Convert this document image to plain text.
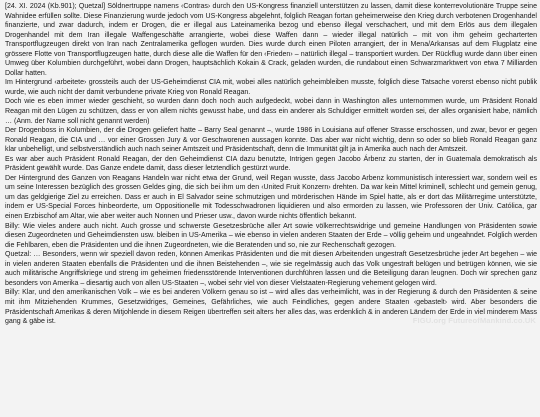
[24. XI. 2024 (Kb.901); Quetzal] Söldnertruppe namens ‹Contras› durch den US-Kongress finanziell unterstützen zu lassen, damit diese konterrevolutionäre Truppe seine Wahnidee erfüllen sollte. Diese Finanzierung wurde jedoch vom US-Kongress abgelehnt, folglich Reagan fortan geheimerweise den Krieg durch verbotenen Drogenhandel finanzierte, und zwar dadurch, indem er Drogen, die er illegal aus Lateinamerika bezog und ebenso illegal verschachert, und mit dem Erlös aus dem illegalen Drogenhandel mit dem Iran illegale Waffengeschäfte arrangierte, wobei diese Waffen dann – wieder illegal natürlich – mit von ihm geheim gecharterten Transportflugzeugen direkt von Iran nach Zentralamerika geflogen wurden. Dies wurde durch einen Piloten arrangiert, der in Mena/Arkansas auf dem Flugplatz eine grössere Flotte von Transportflugzeugen hatte, durch diese alle die Waffen für den ‹Frieden› – natürlich illegal – transportiert wurden. Der Rückflug wurde dann über einen Umweg über Kolumbien durchgeführt, wobei dann Drogen, hauptsächlich Kokain & Crack, geladen wurden, die rundabout einen Schwarzmarktwert von etwa 7 Milliarden Dollar hatten.

Im Hintergrund ‹arbeitete› grossteils auch der US-Geheimdienst CIA mit, wobei alles natürlich geheimbleiben musste, folglich diese Tatsache vorerst ebenso nicht publik wurde, wie auch nicht der damit verbundene private Krieg von Ronald Reagan.

Doch wie es eben immer wieder geschieht, so wurden dann doch noch auch aufgedeckt, wobei dann in Washington alles unternommen wurde, um Präsident Ronald Reagan mit den Lügen zu schützen, dass er von allem nichts gewusst habe, und dass ein anderer als Schuldiger ermittelt worden sei, der alles organisiert habe, nämlich … (Anm. der Name soll nicht genannt werden)

Der Drogenboss in Kolumbien, der die Drogen geliefert hatte – Barry Seal genannt –, wurde 1986 in Louisiana auf offener Strasse erschossen, und zwar, bevor er gegen Ronald Reagan, die CIA und … vor einer Grossen Jury & vor Geschworenen aussagen konnte. Das aber war nicht wichtig, denn so oder so blieb Ronald Reagan ganz klar unbehelligt, und selbstverständlich auch nach seiner Amtszeit und Präsidentschaft, denn die Immunität gilt ja in Amerika auch nach der Amtszeit.

Es war aber auch Präsident Ronald Reagan, der den Geheimdienst CIA dazu benutzte, Intrigen gegen Jacobo Árbenz zu starten, der in Guatemala demokratisch als Präsident gewählt wurde. Das Ganze endete damit, dass dieser letztendlich gestürzt wurde.

Der Hintergrund des Ganzen von Reagans Handeln war nicht etwa der Grund, weil Regan wusste, dass Jacobo Arbenz kommunistisch interessiert war, sondern weil es um seine Interessen bezüglich des grossen Geldes ging, die sich bei ihm um den ‹United Fruit Konzern› drehten. Da war kein Mittel kriminell, schlecht und gemein genug, um das geldgierige Ziel zu erreichen. Dass er auch in El Salvador seine schmutzigen und mörderischen Hände im Spiel hatte, als er dort das Militärregime unterstützte, indem er US-Special Forces hinbeorderte, um Oppositionelle mit Todesschwadronen liquidieren und also ermorden zu lassen, wie Professoren der Univ. Católica, gar einen Erzbischof am Altar, wie aber weiter auch Nonnen und Prieser usw., davon wurde nichts öffentlich bekannt.

Billy: Wie vieles andere auch nicht. Auch grosse und schwerste Gesetzesbrüche aller Art sowie völkerrechtswidrige und gemeine Handlungen von Präsidenten sowie diesen Zugeordneten und Geheimdiensten usw. bleiben in US-Amerika – wie ebenso in vielen anderen Staaten der Erde – völlig geheim und ungeahndet. Folglich werden die Fehlbaren, eben die Präsidenten und die ihnen Zugeordneten, wie die Beratenden und so, nie zur Rechenschaft gezogen.

Quetzal: … Besonders, wenn wir speziell davon reden, können Amerikas Präsidenten und die mit diesen Arbeitenden ungestraft Gesetzesbrüche jeder Art begehen – wie in vielen anderen Staaten ebenfalls die Präsidenten und die ihnen Beistehenden –, wie sie regelmässig auch das Volk ungestraft belügen und betrügen können, wie sie auch militärische Angriffskriege und streng im geheimen friedensstörende Interventionen durchführen lassen und die Beteiligung daran leugnen. Doch wir sprechen ganz besonders von Amerika – diesartig auch von allen US-Staaten –, wobei sehr viel von dieser Vielstaaten-Regierung vehement gelogen wird.

Billy: Klar, und den amerikanischen Volk – wie es bei anderen Völkern genau so ist – wird alles das verheimlicht, was in der Regierung & durch den Präsidenten & seine mit ihm Mitziehenden Krummes, Gesetzwidriges, Gemeines, Gefährliches, wie auch Feindliches, gegen andere Staaten ‹gebastelt› wird. Aber besonders die Präsidentschaft Amerikas & deren Mitjohlende in diesem Reigen übertreffen seit alters her alles das, was erdenklich & in anderen Ländern der Erde in viel minderem Mass gang & gäbe ist.	FIGU.org FutureofMankind.co.UK
